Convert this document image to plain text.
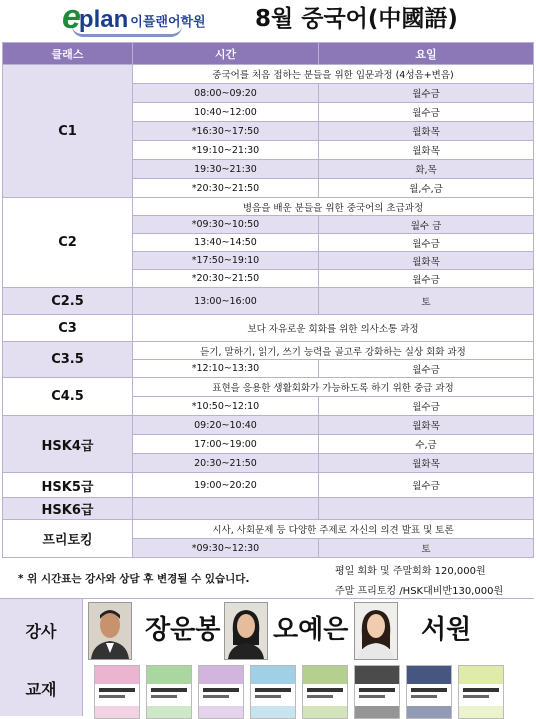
e
plan 이플랜어학원 8월 중국어(中國語)
클래스	시간	요일
C1	중국어를 처음 접하는 분들을 위한 입문과정 (4성음+변음)	
	08:00~09:20	월수금
	10:40~12:00	월수금
	*16:30~17:50	월화목
	*19:10~21:30	월화목
	19:30~21:30	화,목
	*20:30~21:50	월,수,금
C2	병음을 배운 분들을 위한 중국어의 초급과정	
	*09:30~10:50	월수 금
	13:40~14:50	월수금
	*17:50~19:10	월화목
	*20:30~21:50	월수금
C2.5	13:00~16:00	토
C3	보다 자유로운 회화를 위한 의사소통 과정	
C3.5	듣기, 말하기, 읽기, 쓰기 능력을 골고루 강화하는 실상 회화 과정	
	*12:10~13:30	월수금
C4.5	표현을 응용한 생활회화가 가능하도록 하기 위한 중급 과정	
	*10:50~12:10	월수금
HSK4급	09:20~10:40	월화목
	17:00~19:00	수,금
	20:30~21:50	월화목
HSK5급	19:00~20:20	월수금
HSK6급		
프리토킹	시사, 사회문제 등 다양한 주제로 자신의 의견 발표 및 토론	
	*09:30~12:30	토
* 위 시간표는 강사와 상담 후 변경될 수 있습니다.
평일 회화 및 주말회화 120,000원
주말 프리토킹 /HSK대비반130,000원
강사	장운봉 오예은	서원
교재
